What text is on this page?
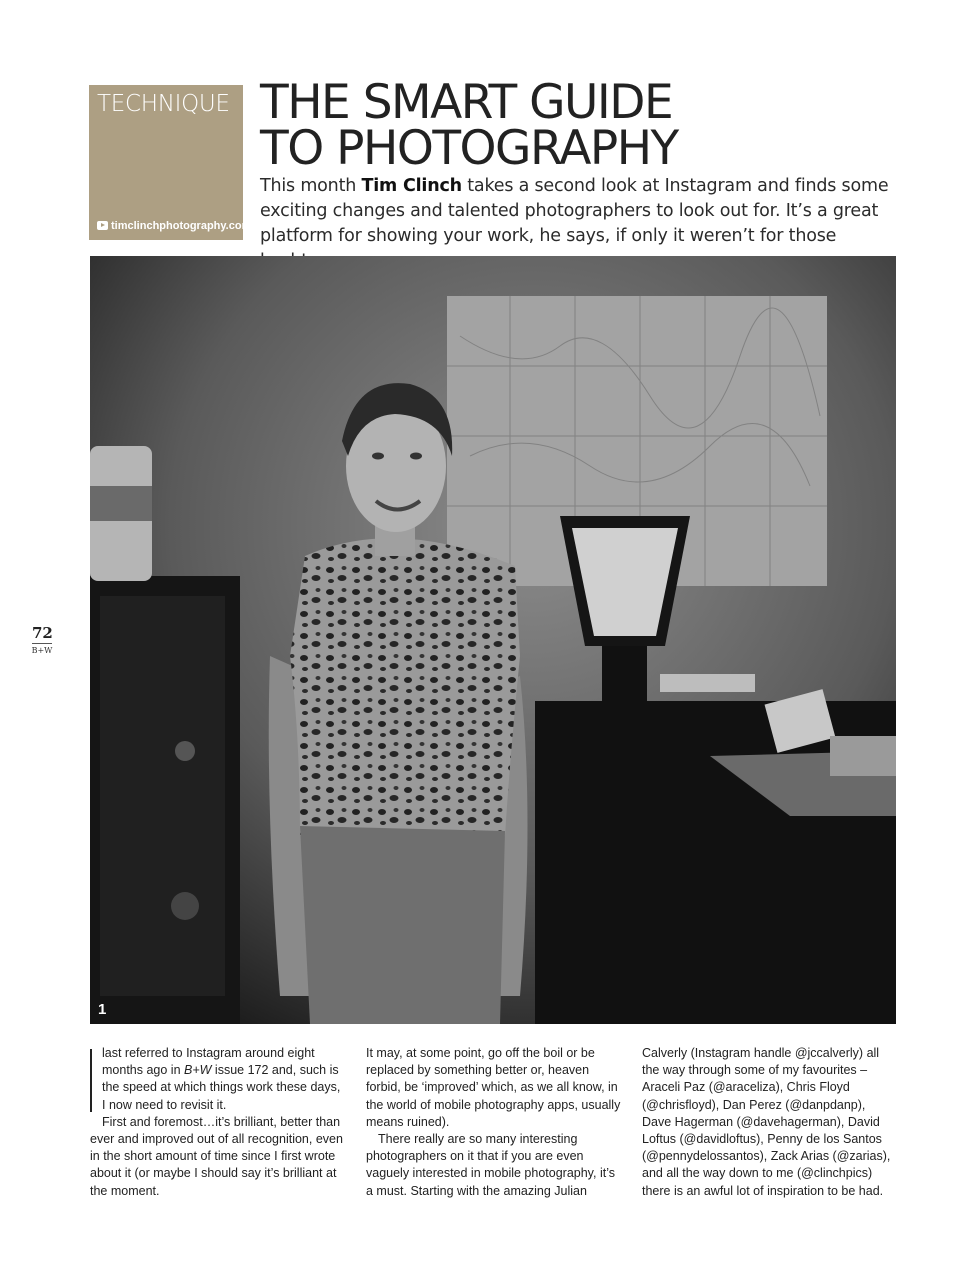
TECHNIQUE
timclinchphotography.com
THE SMART GUIDE
TO PHOTOGRAPHY

This month Tim Clinch takes a second look at Instagram and finds some exciting changes and talented photographers to look out for. It’s a great platform for showing your work, he says, if only it weren’t for those

1
72
B+W

last referred to Instagram around eight months ago in B+W issue 172 and, such is the speed at which things work these days, I now need to revisit it.

First and foremost…it’s brilliant, better than ever and improved out of all recognition, even in the short amount of time since I first wrote about it (or maybe I should say it’s brilliant at the moment.

It may, at some point, go off the boil or be replaced by something better or, heaven forbid, be ‘improved’ which, as we all know, in the world of mobile photography apps, usually means ruined).

There really are so many interesting photographers on it that if you are even vaguely interested in mobile photography, it’s a must. Starting with the amazing Julian

Calverly (Instagram handle @jccalverly) all the way through some of my favourites – Araceli Paz (@araceliza), Chris Floyd (@chrisfloyd), Dan Perez (@danpdanp), Dave Hagerman (@davehagerman), David Loftus (@davidloftus), Penny de los Santos (@pennydelossantos), Zack Arias (@zarias), and all the way down to me (@clinchpics) there is an awful lot of inspiration to be had.
